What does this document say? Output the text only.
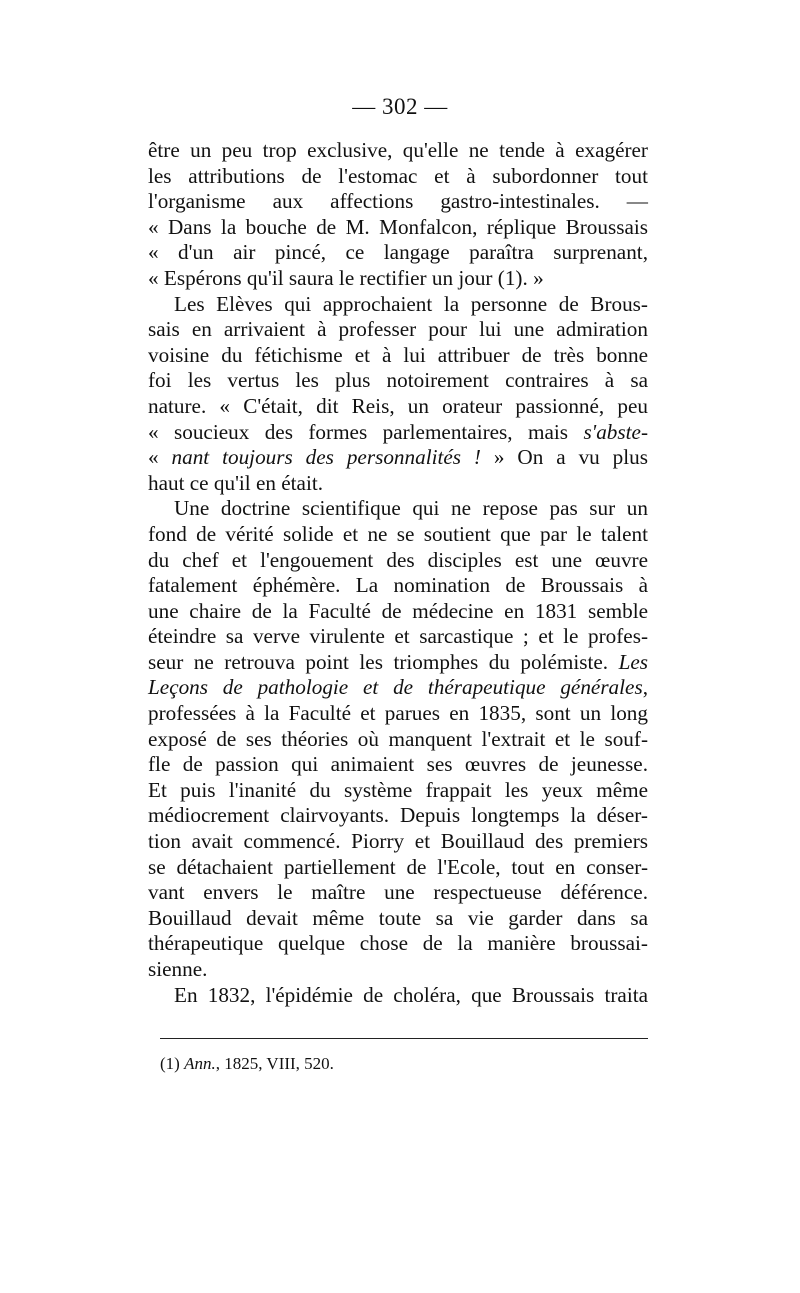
— 302 —
être un peu trop exclusive, qu'elle ne tende à exagérer
les attributions de l'estomac et à subordonner tout
l'organisme aux affections gastro-intestinales. —
« Dans la bouche de M. Monfalcon, réplique Broussais
« d'un air pincé, ce langage paraîtra surprenant,
« Espérons qu'il saura le rectifier un jour (1). »
Les Elèves qui approchaient la personne de Brous-
sais en arrivaient à professer pour lui une admiration
voisine du fétichisme et à lui attribuer de très bonne
foi les vertus les plus notoirement contraires à sa
nature. « C'était, dit Reis, un orateur passionné, peu
« soucieux des formes parlementaires, mais s'abste-
« nant toujours des personnalités ! » On a vu plus
haut ce qu'il en était.
Une doctrine scientifique qui ne repose pas sur un
fond de vérité solide et ne se soutient que par le talent
du chef et l'engouement des disciples est une œuvre
fatalement éphémère. La nomination de Broussais à
une chaire de la Faculté de médecine en 1831 semble
éteindre sa verve virulente et sarcastique ; et le profes-
seur ne retrouva point les triomphes du polémiste. Les
Leçons de pathologie et de thérapeutique générales,
professées à la Faculté et parues en 1835, sont un long
exposé de ses théories où manquent l'extrait et le souf-
fle de passion qui animaient ses œuvres de jeunesse.
Et puis l'inanité du système frappait les yeux même
médiocrement clairvoyants. Depuis longtemps la déser-
tion avait commencé. Piorry et Bouillaud des premiers
se détachaient partiellement de l'Ecole, tout en conser-
vant envers le maître une respectueuse déférence.
Bouillaud devait même toute sa vie garder dans sa
thérapeutique quelque chose de la manière broussai-
sienne.
En 1832, l'épidémie de choléra, que Broussais traita
(1) Ann., 1825, VIII, 520.
